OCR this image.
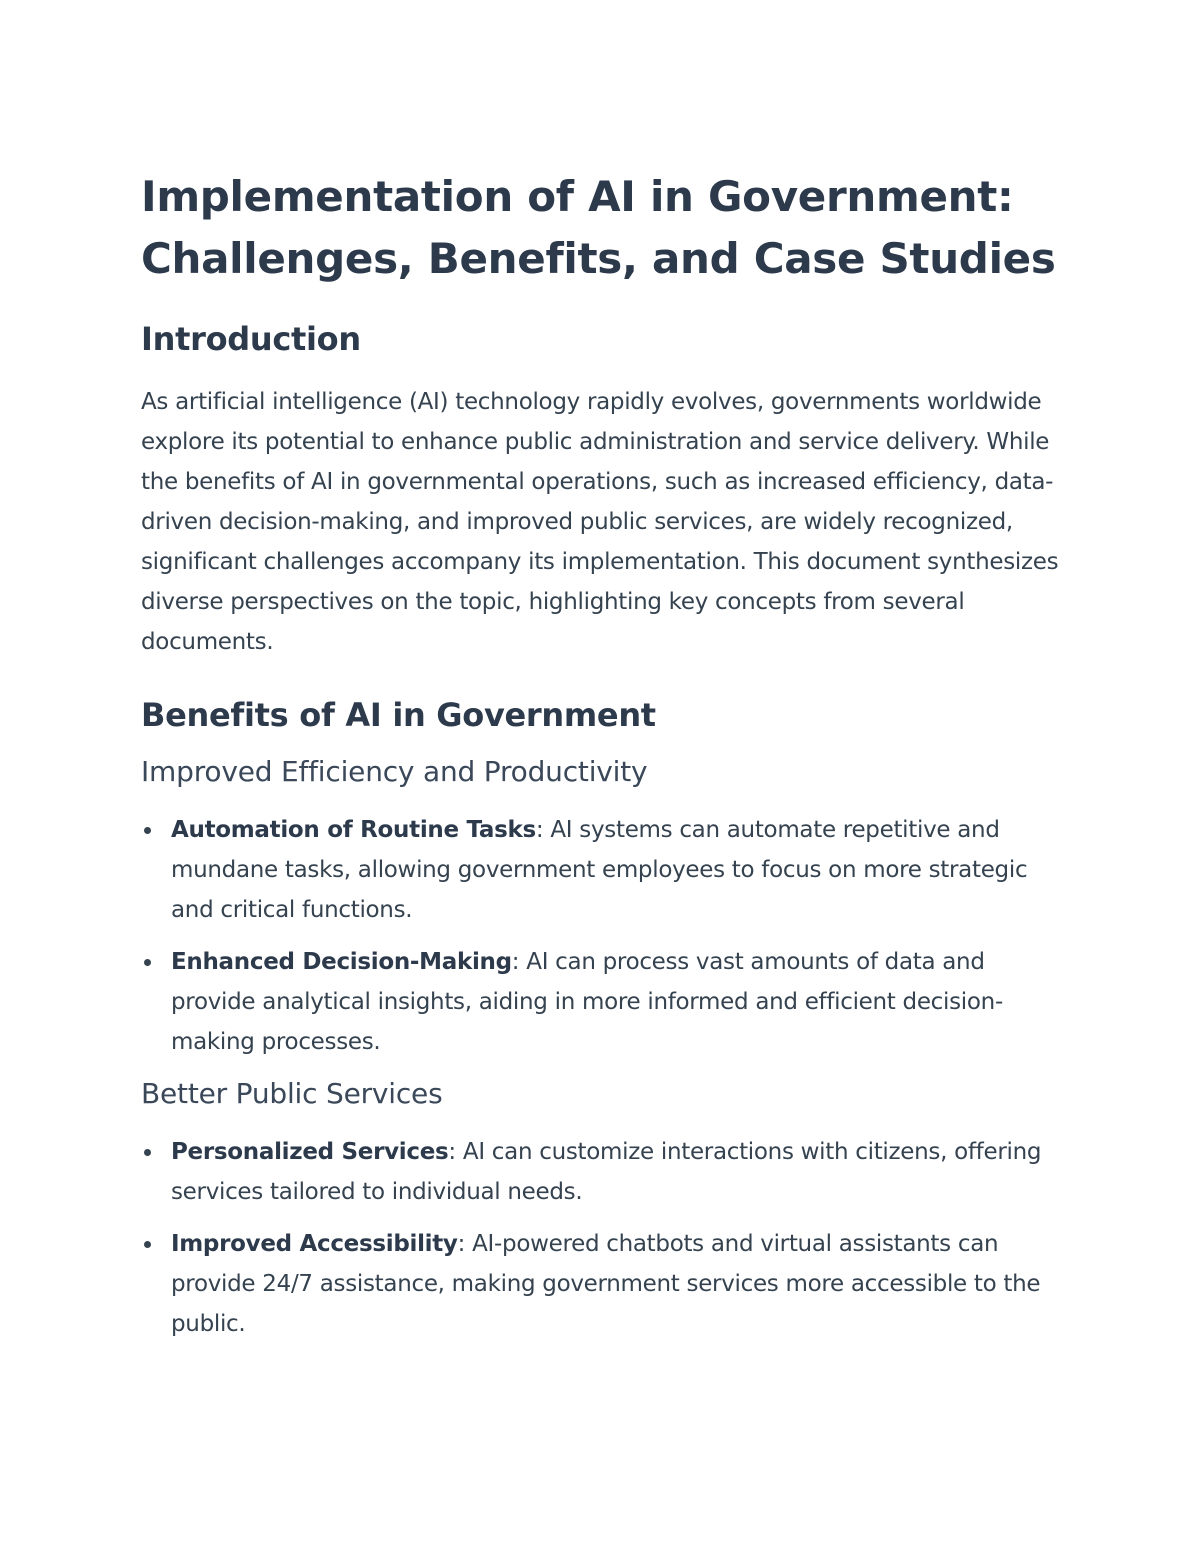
Implementation of AI in Government:
Challenges, Benefits, and Case Studies
Introduction

As artificial intelligence (AI) technology rapidly evolves, governments worldwide explore its potential to enhance public administration and service delivery. While the benefits of AI in governmental operations, such as increased efficiency, data-driven decision-making, and improved public services, are widely recognized, significant challenges accompany its implementation. This document synthesizes diverse perspectives on the topic, highlighting key concepts from several documents.

Benefits of AI in Government
Improved Efficiency and Productivity
Automation of Routine Tasks: AI systems can automate repetitive and mundane tasks, allowing government employees to focus on more strategic and critical functions.
Enhanced Decision-Making: AI can process vast amounts of data and provide analytical insights, aiding in more informed and efficient decision-making processes.
Better Public Services
Personalized Services: AI can customize interactions with citizens, offering services tailored to individual needs.
Improved Accessibility: AI-powered chatbots and virtual assistants can provide 24/7 assistance, making government services more accessible to the public.
